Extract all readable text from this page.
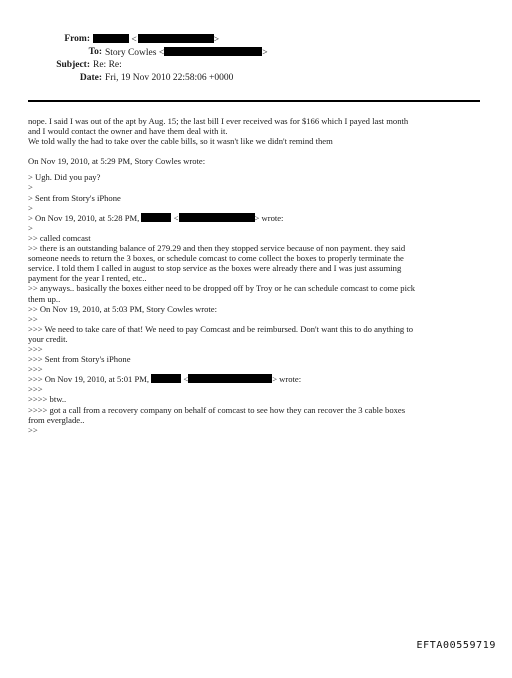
From:	<	>
To: Story Cowles <	>
Subject: Re: Re:
Date: Fri, 19 Nov 2010 22:58:06 +0000

nope. I said I was out of the apt by Aug. 15; the last bill I ever received was for $166 which I payed last month

and I would contact the owner and have them deal with it.

We told wally the had to take over the cable bills, so it wasn't like we didn't remind them

On Nov 19, 2010, at 5:29 PM, Story Cowles wrote:

> Ugh. Did you pay?

>

> Sent from Story's iPhone

>

> On Nov 19, 2010, at 5:28 PM,	<	> wrote:

>

>> called comcast

>> there is an outstanding balance of 279.29 and then they stopped service because of non payment. they said

someone needs to return the 3 boxes, or schedule comcast to come collect the boxes to properly terminate the

service. I told them I called in august to stop service as the boxes were already there and I was just assuming

payment for the year I rented, etc..

>> anyways.. basically the boxes either need to be dropped off by Troy or he can schedule comcast to come pick

them up..

>> On Nov 19, 2010, at 5:03 PM, Story Cowles wrote:

>>

>>> We need to take care of that! We need to pay Comcast and be reimbursed. Don't want this to do anything to

your credit.

>>>

>>> Sent from Story's iPhone

>>>

>>> On Nov 19, 2010, at 5:01 PM,	<	> wrote:

>>>

>>>> btw..

>>>> got a call from a recovery company on behalf of comcast to see how they can recover the 3 cable boxes

from everglade..

>>

EFTA00559719
